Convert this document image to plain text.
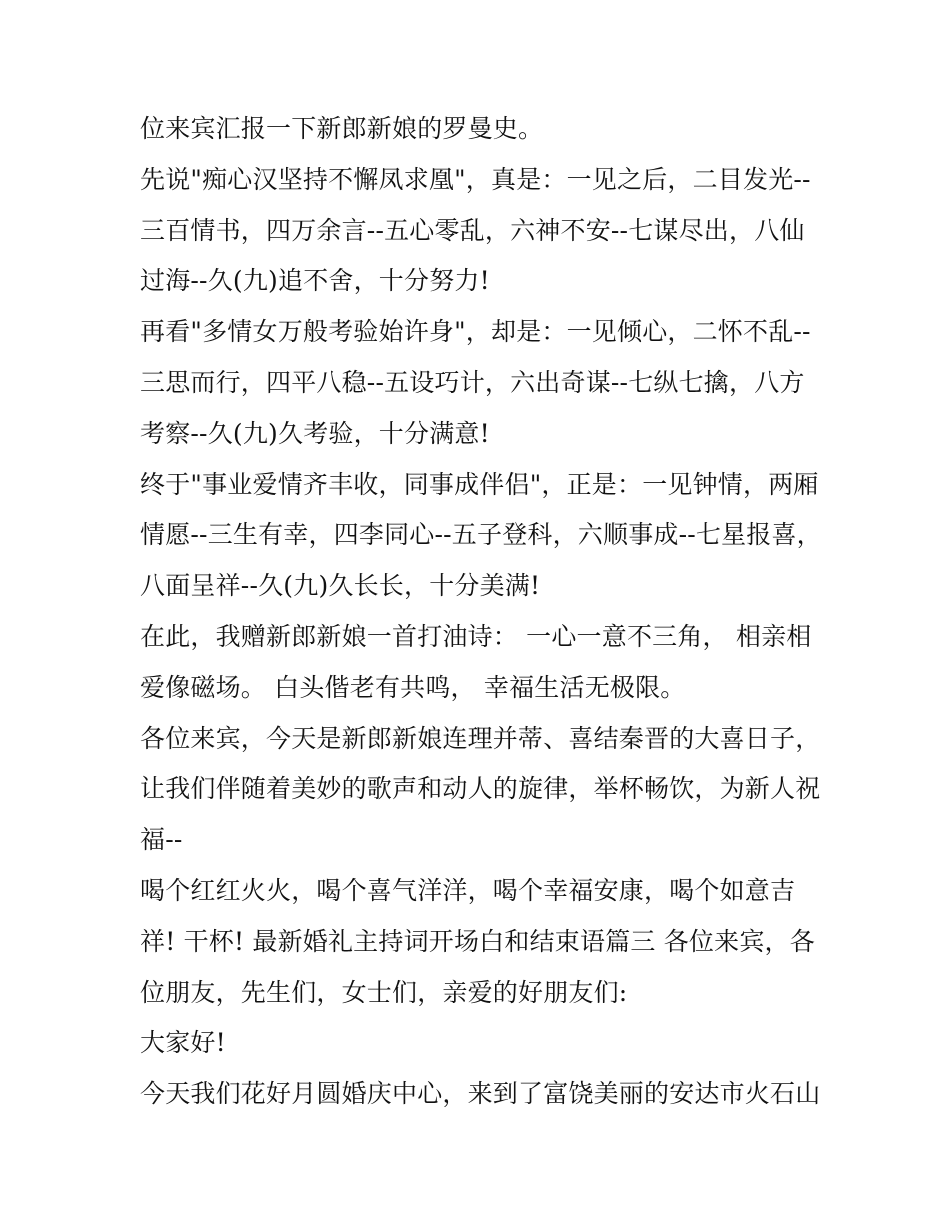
位来宾汇报一下新郎新娘的罗曼史。
先说"痴心汉坚持不懈凤求凰"，真是：一见之后，二目发光--
三百情书，四万余言--五心零乱，六神不安--七谋尽出，八仙
过海--久(九)追不舍，十分努力!
再看"多情女万般考验始许身"，却是：一见倾心，二怀不乱--
三思而行，四平八稳--五设巧计，六出奇谋--七纵七擒，八方
考察--久(九)久考验，十分满意!
终于"事业爱情齐丰收，同事成伴侣"，正是：一见钟情，两厢
情愿--三生有幸，四李同心--五子登科，六顺事成--七星报喜，
八面呈祥--久(九)久长长，十分美满!
在此，我赠新郎新娘一首打油诗： 一心一意不三角， 相亲相
爱像磁场。 白头偕老有共鸣， 幸福生活无极限。
各位来宾，今天是新郎新娘连理并蒂、喜结秦晋的大喜日子，
让我们伴随着美妙的歌声和动人的旋律，举杯畅饮，为新人祝
福--
喝个红红火火，喝个喜气洋洋，喝个幸福安康，喝个如意吉
祥! 干杯! 最新婚礼主持词开场白和结束语篇三 各位来宾，各
位朋友，先生们，女士们，亲爱的好朋友们:
大家好!
今天我们花好月圆婚庆中心，来到了富饶美丽的安达市火石山
